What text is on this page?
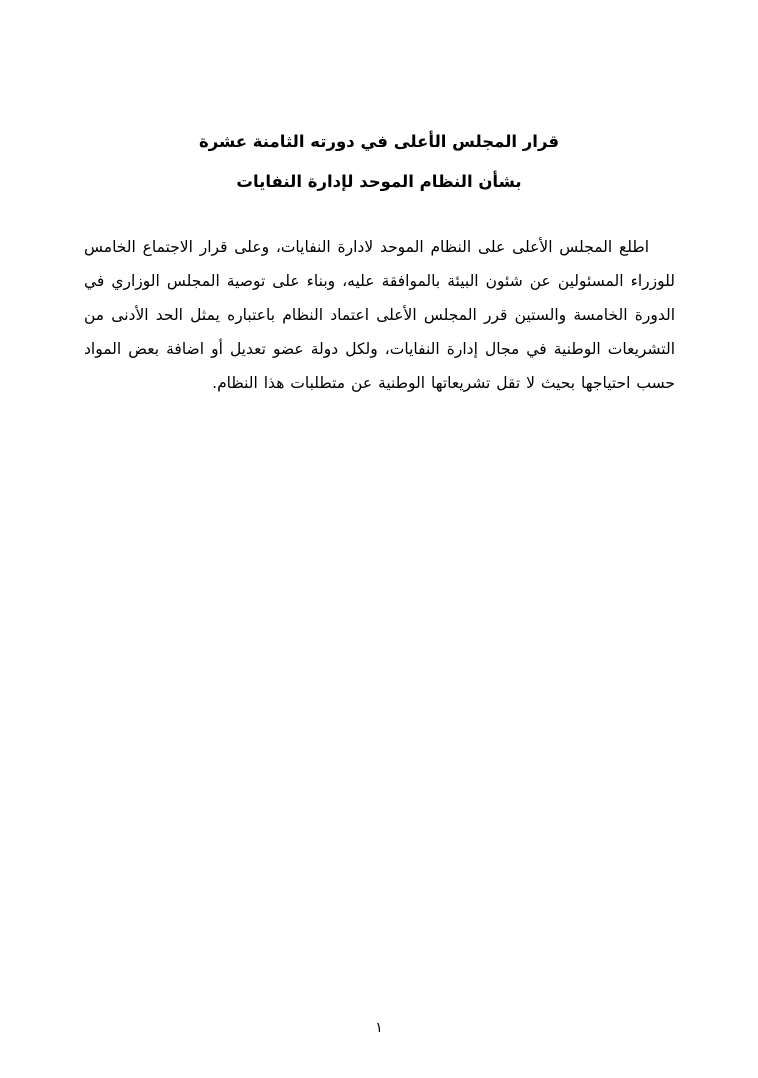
قرار المجلس الأعلى في دورته الثامنة عشرة
بشأن النظام الموحد لإدارة النفايات

اطلع المجلس الأعلى على النظام الموحد لادارة النفايات، وعلى قرار الاجتماع الخامس للوزراء المسئولين عن شئون البيئة بالموافقة عليه، وبناء على توصية المجلس الوزاري في الدورة الخامسة والستين قرر المجلس الأعلى اعتماد النظام باعتباره يمثل الحد الأدنى من التشريعات الوطنية في مجال إدارة النفايات، ولكل دولة عضو تعديل أو اضافة بعض المواد حسب احتياجها بحيث لا تقل تشريعاتها الوطنية عن متطلبات هذا النظام.

١
